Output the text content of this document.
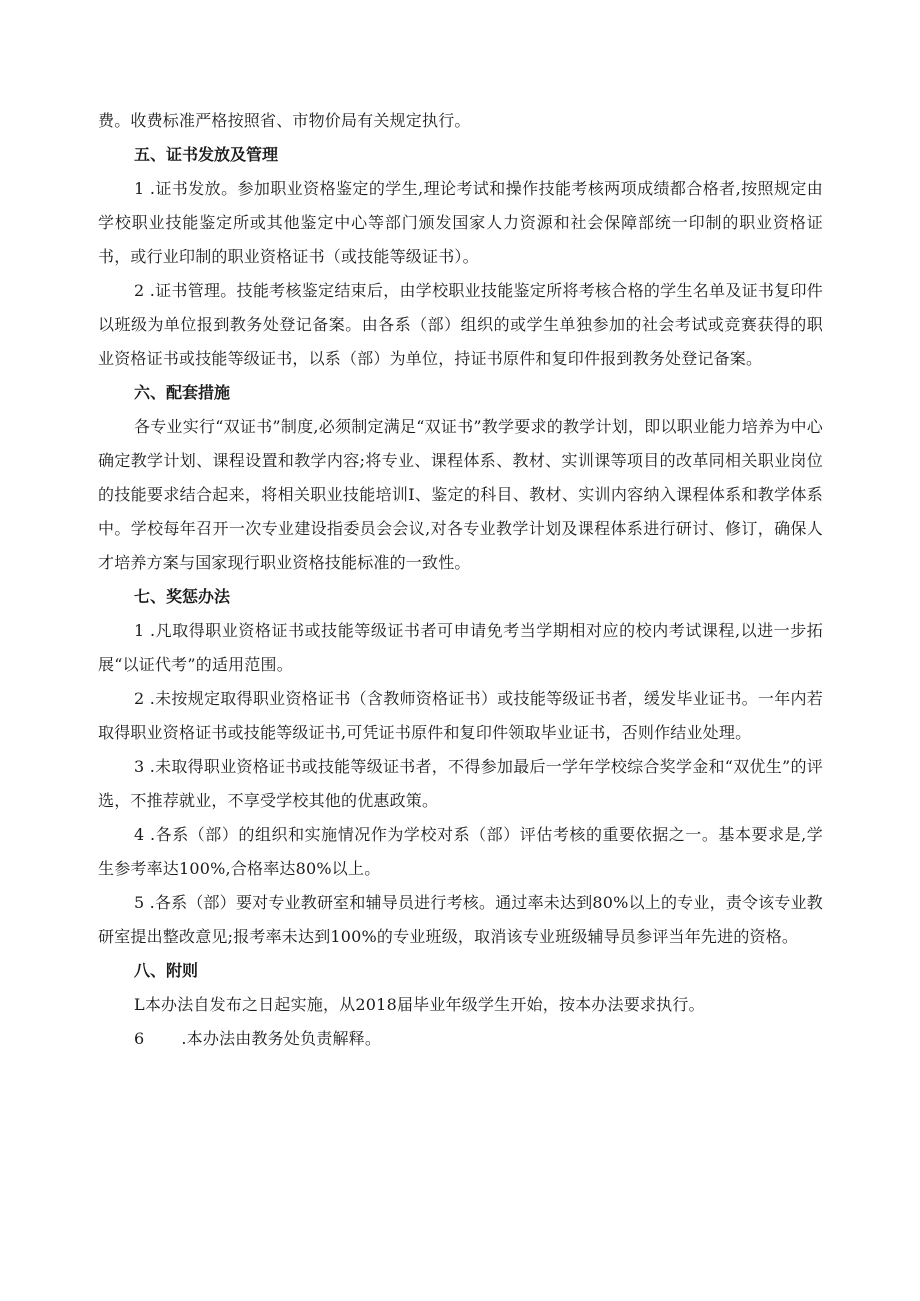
费。收费标准严格按照省、市物价局有关规定执行。

五、证书发放及管理

1 .证书发放。参加职业资格鉴定的学生,理论考试和操作技能考核两项成绩都合格者,按照规定由学校职业技能鉴定所或其他鉴定中心等部门颁发国家人力资源和社会保障部统一印制的职业资格证书，或行业印制的职业资格证书（或技能等级证书）。

2 .证书管理。技能考核鉴定结束后，由学校职业技能鉴定所将考核合格的学生名单及证书复印件以班级为单位报到教务处登记备案。由各系（部）组织的或学生单独参加的社会考试或竞赛获得的职业资格证书或技能等级证书，以系（部）为单位，持证书原件和复印件报到教务处登记备案。

六、配套措施

各专业实行“双证书”制度,必须制定满足“双证书”教学要求的教学计划，即以职业能力培养为中心确定教学计划、课程设置和教学内容;将专业、课程体系、教材、实训课等项目的改革同相关职业岗位的技能要求结合起来，将相关职业技能培训I、鉴定的科目、教材、实训内容纳入课程体系和教学体系中。学校每年召开一次专业建设指委员会会议,对各专业教学计划及课程体系进行研讨、修订，确保人才培养方案与国家现行职业资格技能标准的一致性。

七、奖惩办法

1 .凡取得职业资格证书或技能等级证书者可申请免考当学期相对应的校内考试课程,以进一步拓展“以证代考”的适用范围。

2 .未按规定取得职业资格证书（含教师资格证书）或技能等级证书者，缓发毕业证书。一年内若取得职业资格证书或技能等级证书,可凭证书原件和复印件领取毕业证书，否则作结业处理。

3 .未取得职业资格证书或技能等级证书者，不得参加最后一学年学校综合奖学金和“双优生”的评选，不推荐就业，不享受学校其他的优惠政策。

4 .各系（部）的组织和实施情况作为学校对系（部）评估考核的重要依据之一。基本要求是,学生参考率达100%,合格率达80%以上。

5 .各系（部）要对专业教研室和辅导员进行考核。通过率未达到80%以上的专业，责令该专业教研室提出整改意见;报考率未达到100%的专业班级，取消该专业班级辅导员参评当年先进的资格。

八、附则

L本办法自发布之日起实施，从2018届毕业年级学生开始，按本办法要求执行。

6       .本办法由教务处负责解释。
